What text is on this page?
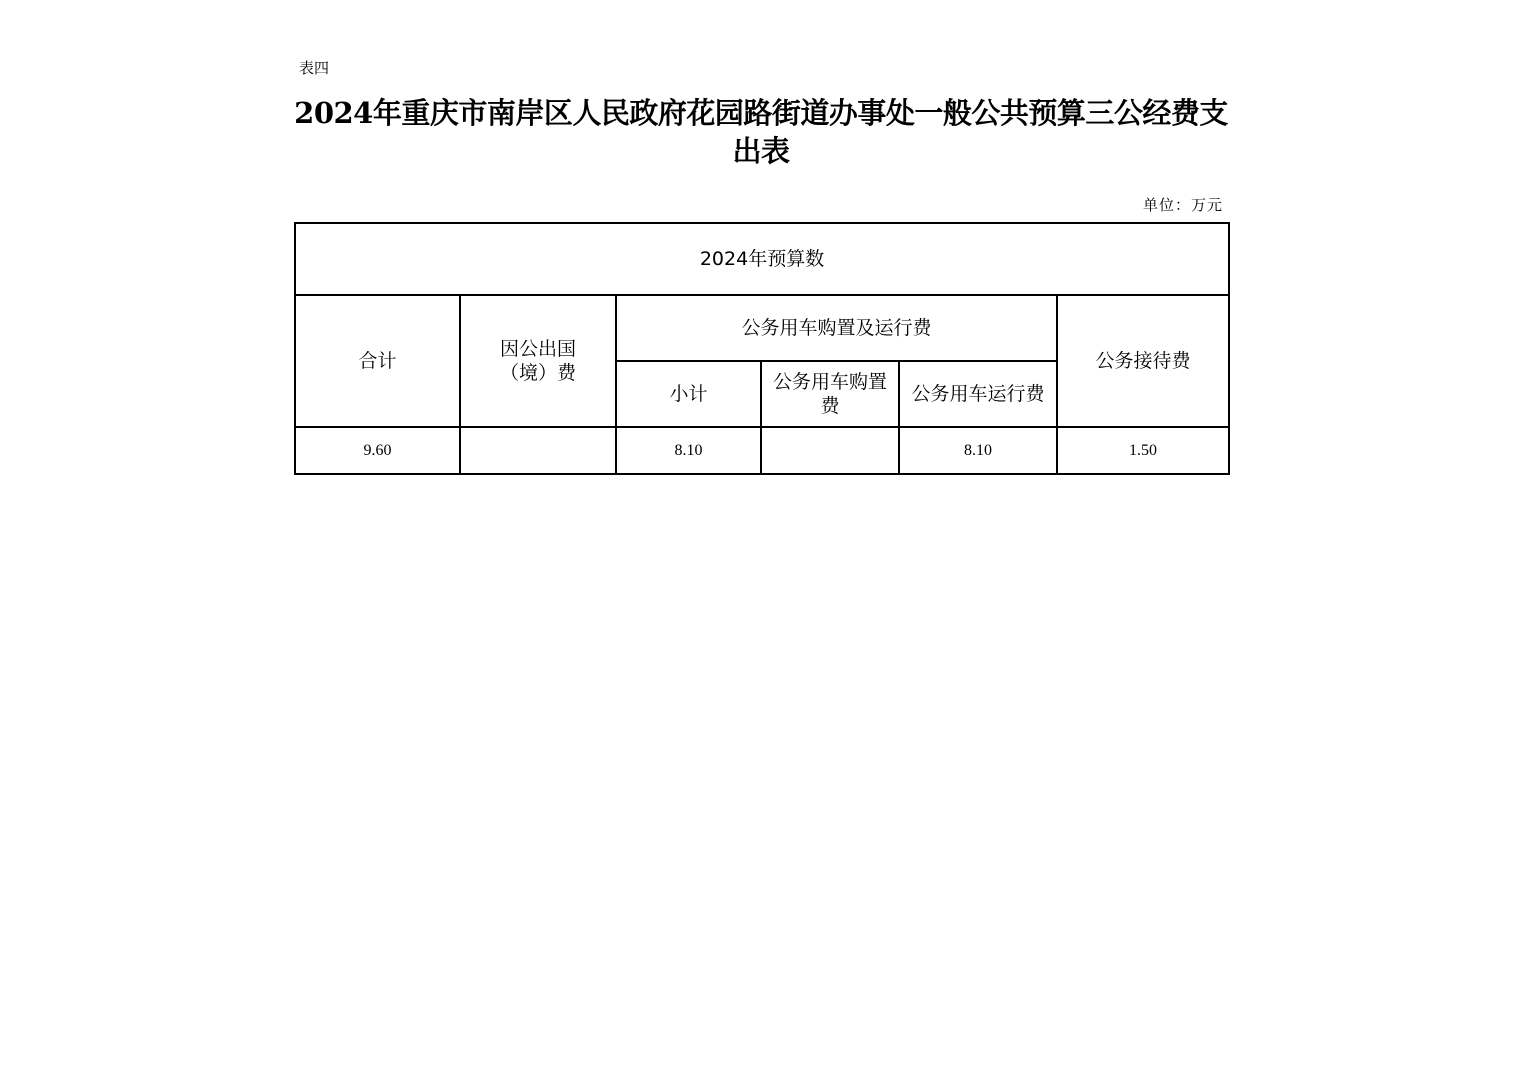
表四
2024年重庆市南岸区人民政府花园路街道办事处一般公共预算三公经费支出表
单位：万元
2024年预算数					
合计	因公出国（境）费	公务用车购置及运行费			公务接待费
		小计	公务用车购置费	公务用车运行费	
9.60		8.10		8.10	1.50
